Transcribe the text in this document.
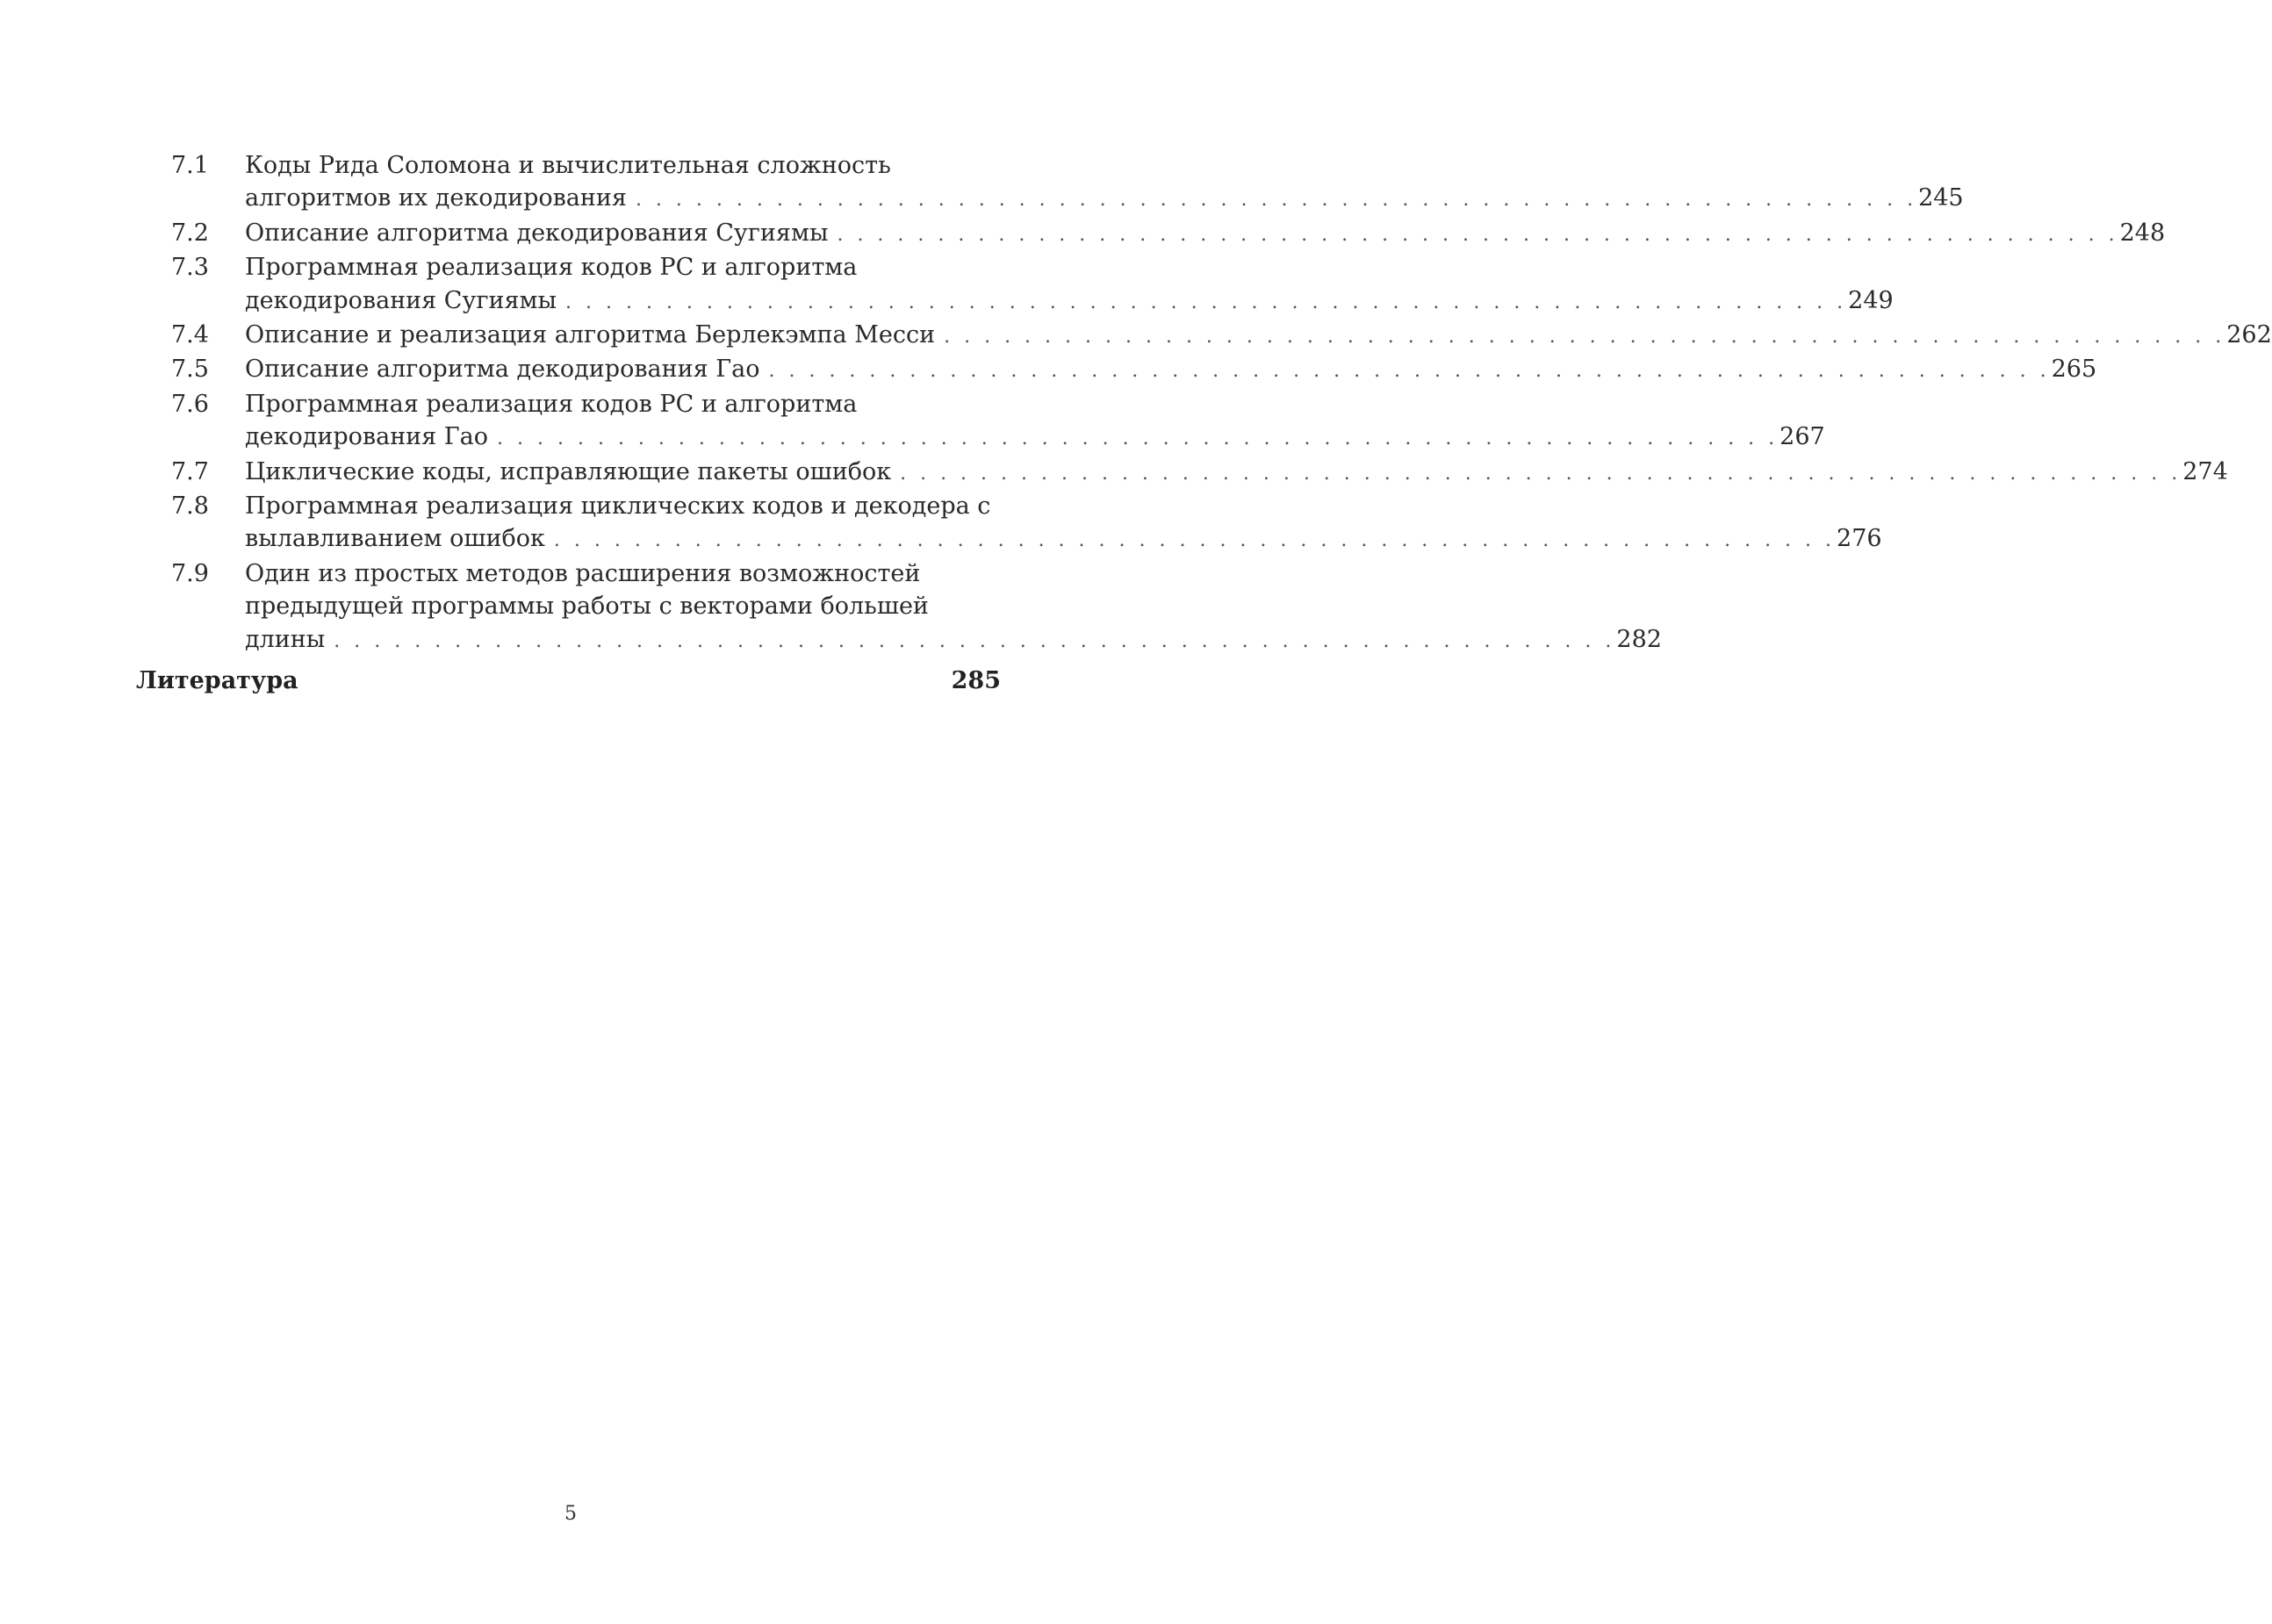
7.1	Коды Рида Соломона и вычислительная сложность
алгоритмов их декодирования . . .	245
7.2	Описание алгоритма декодирования Сугиямы . . .	248
7.3	Программная реализация кодов РС и алгоритма
декодирования Сугиямы . . .	249
7.4	Описание и реализация алгоритма Берлекэмпа Месси . . .	262
7.5	Описание алгоритма декодирования Гао . . .	265
7.6	Программная реализация кодов РС и алгоритма
декодирования Гао . . .	267
7.7	Циклические коды, исправляющие пакеты ошибок . . .	274
7.8	Программная реализация циклических кодов и декодера с
вылавливанием ошибок . . .	276
7.9	Один из простых методов расширения возможностей
предыдущей программы работы с векторами большей
длины . . .	282
Литература	285
5
